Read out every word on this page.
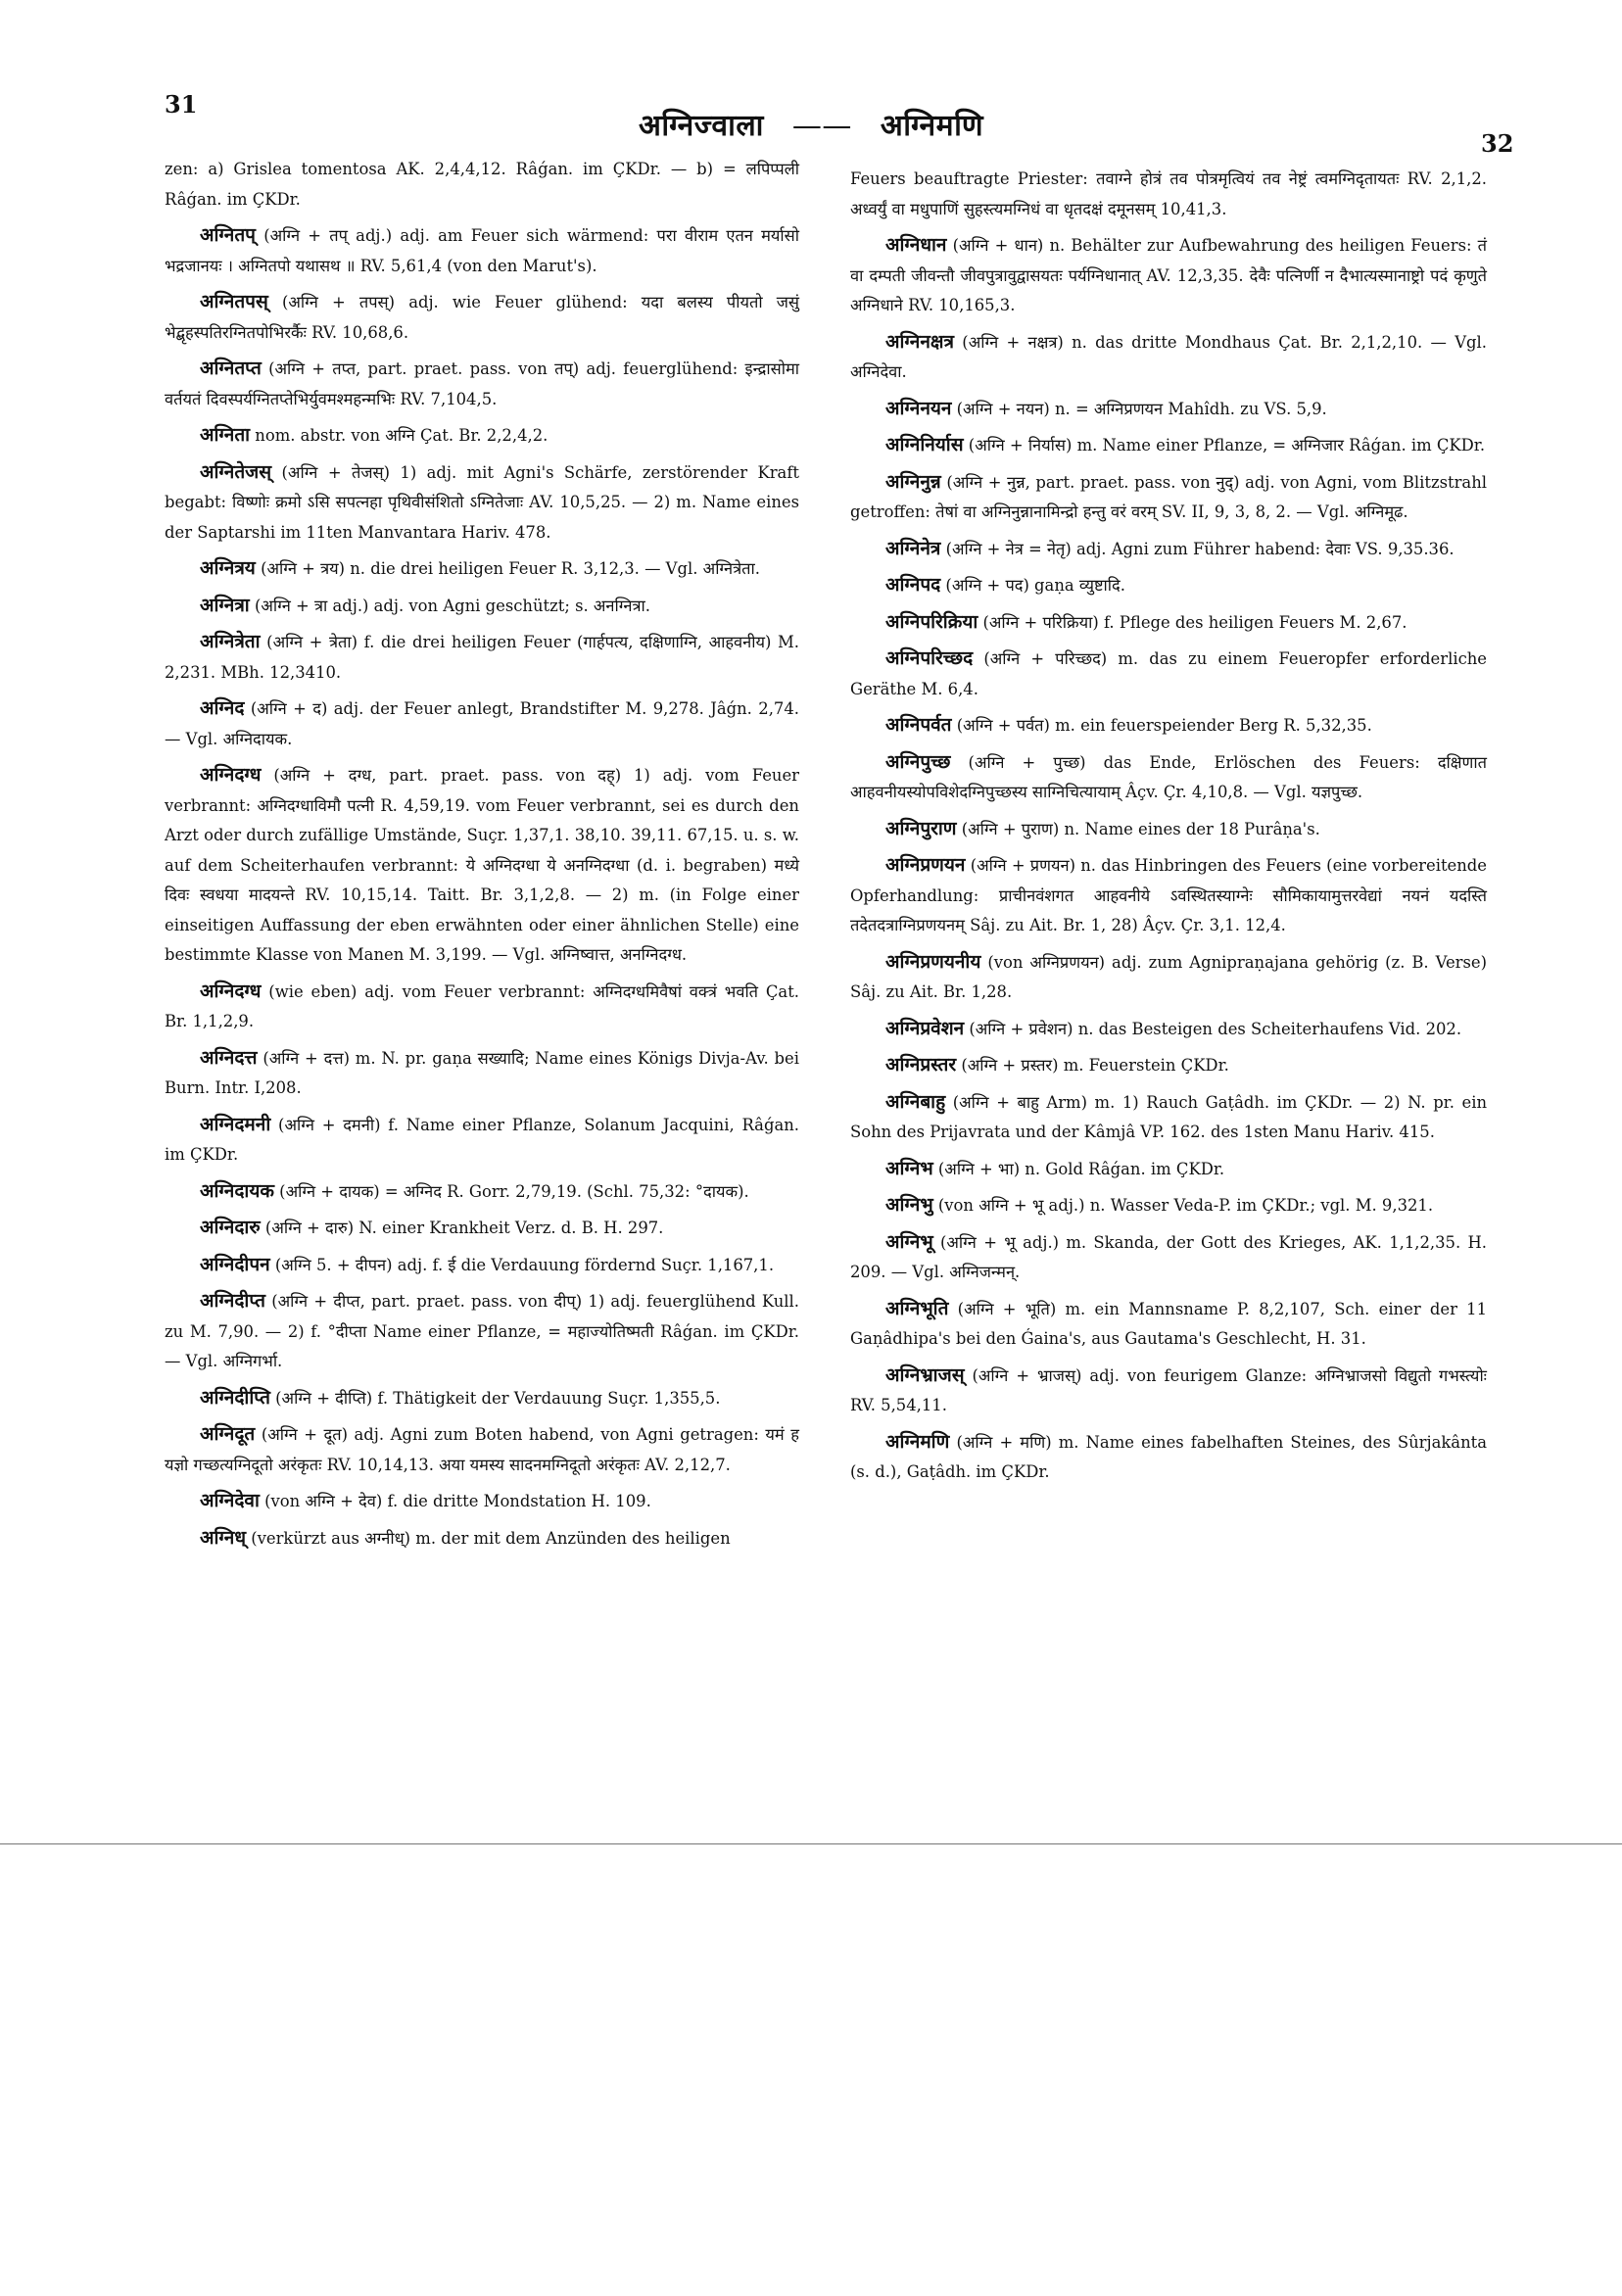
31
32
अग्निज्वाला —— अग्निमणि

zen: a) Grislea tomentosa AK. 2,4,4,12. Râǵan. im ÇKDr. — b) = लपिप्पली Râǵan. im ÇKDr.

अग्नितप् (अग्नि + तप् adj.) adj. am Feuer sich wärmend: परा वीराम एतन मर्यासो भद्रजानयः । अग्नितपो यथासथ ॥ RV. 5,61,4 (von den Marut's).

अग्नितपस् (अग्नि + तपस्) adj. wie Feuer glühend: यदा बलस्य पीयतो जसुं भेद्बृहस्पतिरग्नितपोभिरर्कैः RV. 10,68,6.

अग्नितप्त (अग्नि + तप्त, part. praet. pass. von तप्) adj. feuerglühend: इन्द्रासोमा वर्तयतं दिवस्पर्यग्नितप्तेभिर्युवमश्महन्मभिः RV. 7,104,5.

अग्निता nom. abstr. von अग्नि Çat. Br. 2,2,4,2.

अग्नितेजस् (अग्नि + तेजस्) 1) adj. mit Agni's Schärfe, zerstörender Kraft begabt: विष्णोः क्रमो ऽसि सपत्नहा पृथिवीसंशितो ऽग्नितेजाः AV. 10,5,25. — 2) m. Name eines der Saptarshi im 11ten Manvantara Hariv. 478.

अग्नित्रय (अग्नि + त्रय) n. die drei heiligen Feuer R. 3,12,3. — Vgl. अग्नित्रेता.

अग्नित्रा (अग्नि + त्रा adj.) adj. von Agni geschützt; s. अनग्नित्रा.

अग्नित्रेता (अग्नि + त्रेता) f. die drei heiligen Feuer (गार्हपत्य, दक्षिणाग्नि, आहवनीय) M. 2,231. MBh. 12,3410.

अग्निद (अग्नि + द) adj. der Feuer anlegt, Brandstifter M. 9,278. Jâǵn. 2,74. — Vgl. अग्निदायक.

अग्निदग्ध (अग्नि + दग्ध, part. praet. pass. von दह्) 1) adj. vom Feuer verbrannt: अग्निदग्धाविमौ पत्नी R. 4,59,19. vom Feuer verbrannt, sei es durch den Arzt oder durch zufällige Umstände, Suçr. 1,37,1. 38,10. 39,11. 67,15. u. s. w. auf dem Scheiterhaufen verbrannt: ये अग्निदग्धा ये अनग्निदग्धा (d. i. begraben) मध्ये दिवः स्वधया मादयन्ते RV. 10,15,14. Taitt. Br. 3,1,2,8. — 2) m. (in Folge einer einseitigen Auffassung der eben erwähnten oder einer ähnlichen Stelle) eine bestimmte Klasse von Manen M. 3,199. — Vgl. अग्निष्वात्त, अनग्निदग्ध.

अग्निदग्ध (wie eben) adj. vom Feuer verbrannt: अग्निदग्धमिवैषां वक्त्रं भवति Çat. Br. 1,1,2,9.

अग्निदत्त (अग्नि + दत्त) m. N. pr. gaṇa सख्यादि; Name eines Königs Divja-Av. bei Burn. Intr. I,208.

अग्निदमनी (अग्नि + दमनी) f. Name einer Pflanze, Solanum Jacquini, Râǵan. im ÇKDr.

अग्निदायक (अग्नि + दायक) = अग्निद R. Gorr. 2,79,19. (Schl. 75,32: °दायक).

अग्निदारु (अग्नि + दारु) N. einer Krankheit Verz. d. B. H. 297.

अग्निदीपन (अग्नि 5. + दीपन) adj. f. ई die Verdauung fördernd Suçr. 1,167,1.

अग्निदीप्त (अग्नि + दीप्त, part. praet. pass. von दीप्) 1) adj. feuerglühend Kull. zu M. 7,90. — 2) f. °दीप्ता Name einer Pflanze, = महाज्योतिष्मती Râǵan. im ÇKDr. — Vgl. अग्निगर्भा.

अग्निदीप्ति (अग्नि + दीप्ति) f. Thätigkeit der Verdauung Suçr. 1,355,5.

अग्निदूत (अग्नि + दूत) adj. Agni zum Boten habend, von Agni getragen: यमं ह यज्ञो गच्छत्यग्निदूतो अरंकृतः RV. 10,14,13. अया यमस्य सादनमग्निदूतो अरंकृतः AV. 2,12,7.

अग्निदेवा (von अग्नि + देव) f. die dritte Mondstation H. 109.

अग्निध् (verkürzt aus अग्नीध्) m. der mit dem Anzünden des heiligen

Feuers beauftragte Priester: तवाग्ने होत्रं तव पोत्रमृत्वियं तव नेष्ट्रं त्वमग्निदृतायतः RV. 2,1,2. अध्वर्युं वा मधुपाणिं सुहस्त्यमग्निधं वा धृतदक्षं दमूनसम् 10,41,3.

अग्निधान (अग्नि + धान) n. Behälter zur Aufbewahrung des heiligen Feuers: तं वा दम्पती जीवन्तौ जीवपुत्रावुद्वासयतः पर्यग्निधानात् AV. 12,3,35. देवैः पत्निर्णी न दैभात्यस्मानाष्ट्रो पदं कृणुते अग्निधाने RV. 10,165,3.

अग्निनक्षत्र (अग्नि + नक्षत्र) n. das dritte Mondhaus Çat. Br. 2,1,2,10. — Vgl. अग्निदेवा.

अग्निनयन (अग्नि + नयन) n. = अग्निप्रणयन Mahîdh. zu VS. 5,9.

अग्निनिर्यास (अग्नि + निर्यास) m. Name einer Pflanze, = अग्निजार Râǵan. im ÇKDr.

अग्निनुन्न (अग्नि + नुन्न, part. praet. pass. von नुद्) adj. von Agni, vom Blitzstrahl getroffen: तेषां वा अग्निनुन्नानामिन्द्रो हन्तु वरं वरम् SV. II, 9, 3, 8, 2. — Vgl. अग्निमूढ.

अग्निनेत्र (अग्नि + नेत्र = नेतृ) adj. Agni zum Führer habend: देवाः VS. 9,35.36.

अग्निपद (अग्नि + पद) gaṇa व्युष्टादि.

अग्निपरिक्रिया (अग्नि + परिक्रिया) f. Pflege des heiligen Feuers M. 2,67.

अग्निपरिच्छद (अग्नि + परिच्छद) m. das zu einem Feueropfer erforderliche Geräthe M. 6,4.

अग्निपर्वत (अग्नि + पर्वत) m. ein feuerspeiender Berg R. 5,32,35.

अग्निपुच्छ (अग्नि + पुच्छ) das Ende, Erlöschen des Feuers: दक्षिणात आहवनीयस्योपविशेदग्निपुच्छस्य साग्निचित्यायाम् Âçv. Çr. 4,10,8. — Vgl. यज्ञपुच्छ.

अग्निपुराण (अग्नि + पुराण) n. Name eines der 18 Purâṇa's.

अग्निप्रणयन (अग्नि + प्रणयन) n. das Hinbringen des Feuers (eine vorbereitende Opferhandlung: प्राचीनवंशगत आहवनीये ऽवस्थितस्याग्नेः सौमिकायामुत्तरवेद्यां नयनं यदस्ति तदेतदत्राग्निप्रणयनम् Sâj. zu Ait. Br. 1, 28) Âçv. Çr. 3,1. 12,4.

अग्निप्रणयनीय (von अग्निप्रणयन) adj. zum Agnipraṇajana gehörig (z. B. Verse) Sâj. zu Ait. Br. 1,28.

अग्निप्रवेशन (अग्नि + प्रवेशन) n. das Besteigen des Scheiterhaufens Vid. 202.

अग्निप्रस्तर (अग्नि + प्रस्तर) m. Feuerstein ÇKDr.

अग्निबाहु (अग्नि + बाहु Arm) m. 1) Rauch Gaṭâdh. im ÇKDr. — 2) N. pr. ein Sohn des Prijavrata und der Kâmjâ VP. 162. des 1sten Manu Hariv. 415.

अग्निभ (अग्नि + भा) n. Gold Râǵan. im ÇKDr.

अग्निभु (von अग्नि + भू adj.) n. Wasser Veda-P. im ÇKDr.; vgl. M. 9,321.

अग्निभू (अग्नि + भू adj.) m. Skanda, der Gott des Krieges, AK. 1,1,2,35. H. 209. — Vgl. अग्निजन्मन्.

अग्निभूति (अग्नि + भूति) m. ein Mannsname P. 8,2,107, Sch. einer der 11 Gaṇâdhipa's bei den Ǵaina's, aus Gautama's Geschlecht, H. 31.

अग्निभ्राजस् (अग्नि + भ्राजस्) adj. von feurigem Glanze: अग्निभ्राजसो विद्युतो गभस्त्योः RV. 5,54,11.

अग्निमणि (अग्नि + मणि) m. Name eines fabelhaften Steines, des Sûrjakânta (s. d.), Gaṭâdh. im ÇKDr.
